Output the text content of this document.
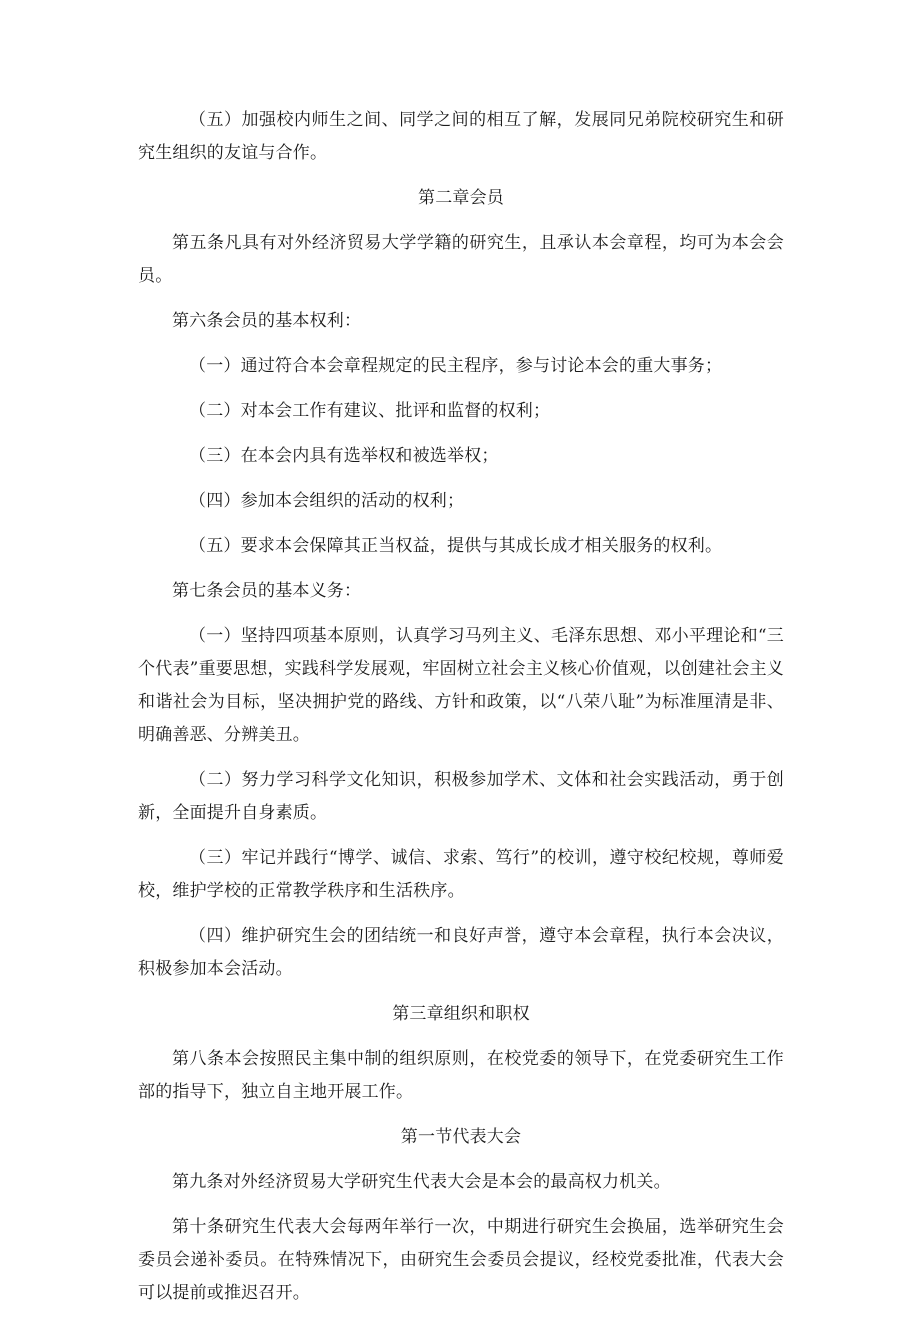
（五）加强校内师生之间、同学之间的相互了解，发展同兄弟院校研究生和研究生组织的友谊与合作。

第二章会员

第五条凡具有对外经济贸易大学学籍的研究生，且承认本会章程，均可为本会会员。

第六条会员的基本权利：

（一）通过符合本会章程规定的民主程序，参与讨论本会的重大事务；

（二）对本会工作有建议、批评和监督的权利；

（三）在本会内具有选举权和被选举权；

（四）参加本会组织的活动的权利；

（五）要求本会保障其正当权益，提供与其成长成才相关服务的权利。

第七条会员的基本义务：

（一）坚持四项基本原则，认真学习马列主义、毛泽东思想、邓小平理论和“三个代表”重要思想，实践科学发展观，牢固树立社会主义核心价值观，以创建社会主义和谐社会为目标，坚决拥护党的路线、方针和政策，以“八荣八耻”为标准厘清是非、明确善恶、分辨美丑。

（二）努力学习科学文化知识，积极参加学术、文体和社会实践活动，勇于创新，全面提升自身素质。

（三）牢记并践行“博学、诚信、求索、笃行”的校训，遵守校纪校规，尊师爱校，维护学校的正常教学秩序和生活秩序。

（四）维护研究生会的团结统一和良好声誉，遵守本会章程，执行本会决议，积极参加本会活动。

第三章组织和职权

第八条本会按照民主集中制的组织原则，在校党委的领导下，在党委研究生工作部的指导下，独立自主地开展工作。

第一节代表大会

第九条对外经济贸易大学研究生代表大会是本会的最高权力机关。

第十条研究生代表大会每两年举行一次，中期进行研究生会换届，选举研究生会委员会递补委员。在特殊情况下，由研究生会委员会提议，经校党委批准，代表大会可以提前或推迟召开。
